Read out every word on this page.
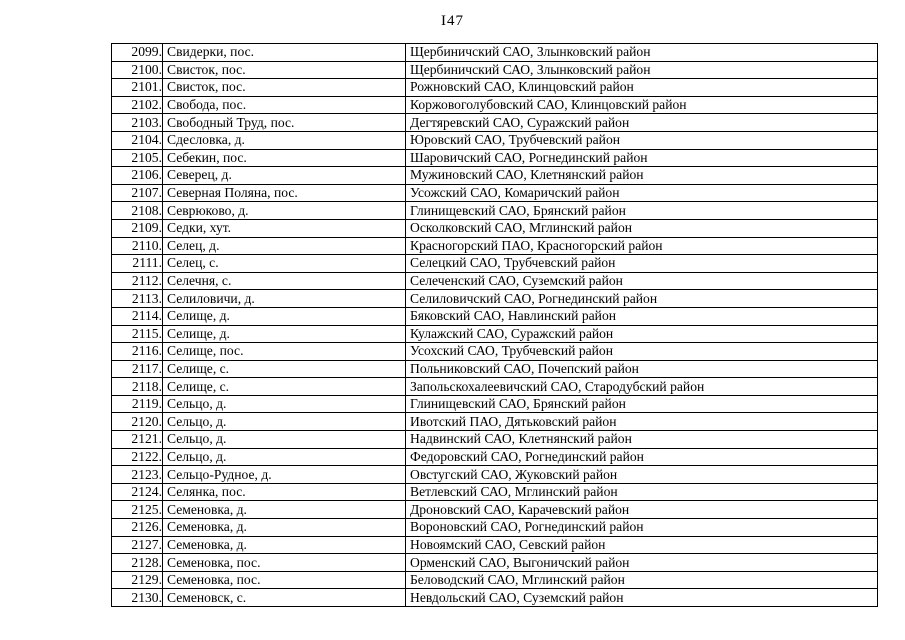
I47
2099.	Свидерки, пос.	Щербиничский САО, Злынковский район
2100.	Свисток, пос.	Щербиничский САО, Злынковский район
2101.	Свисток, пос.	Рожновский САО, Клинцовский район
2102.	Свобода, пос.	Коржовоголубовский САО, Клинцовский район
2103.	Свободный Труд, пос.	Дегтяревский САО, Суражский район
2104.	Сдесловка, д.	Юровский САО, Трубчевский район
2105.	Себекин, пос.	Шаровичский САО, Рогнединский район
2106.	Северец, д.	Мужиновский САО, Клетнянский район
2107.	Северная Поляна, пос.	Усожский САО, Комаричский район
2108.	Севрюково, д.	Глинищевский САО, Брянский район
2109.	Седки, хут.	Осколковский САО, Мглинский район
2110.	Селец, д.	Красногорский ПАО, Красногорский район
2111.	Селец, с.	Селецкий САО, Трубчевский район
2112.	Селечня, с.	Селеченский САО, Суземский район
2113.	Селиловичи, д.	Селиловичский САО, Рогнединский район
2114.	Селище, д.	Бяковский САО, Навлинский район
2115.	Селище, д.	Кулажский САО, Суражский район
2116.	Селище, пос.	Усохский САО, Трубчевский район
2117.	Селище, с.	Польниковский САО, Почепский район
2118.	Селище, с.	Запольскохалеевичский САО, Стародубский район
2119.	Сельцо, д.	Глинищевский САО, Брянский район
2120.	Сельцо, д.	Ивотский ПАО, Дятьковский район
2121.	Сельцо, д.	Надвинский САО, Клетнянский район
2122.	Сельцо, д.	Федоровский САО, Рогнединский район
2123.	Сельцо-Рудное, д.	Овстугский САО, Жуковский район
2124.	Селянка, пос.	Ветлевский САО, Мглинский район
2125.	Семеновка, д.	Дроновский САО, Карачевский район
2126.	Семеновка, д.	Вороновский САО, Рогнединский район
2127.	Семеновка, д.	Новоямский САО, Севский район
2128.	Семеновка, пос.	Орменский САО, Выгоничский район
2129.	Семеновка, пос.	Беловодский САО, Мглинский район
2130.	Семеновск, с.	Невдольский САО, Суземский район
